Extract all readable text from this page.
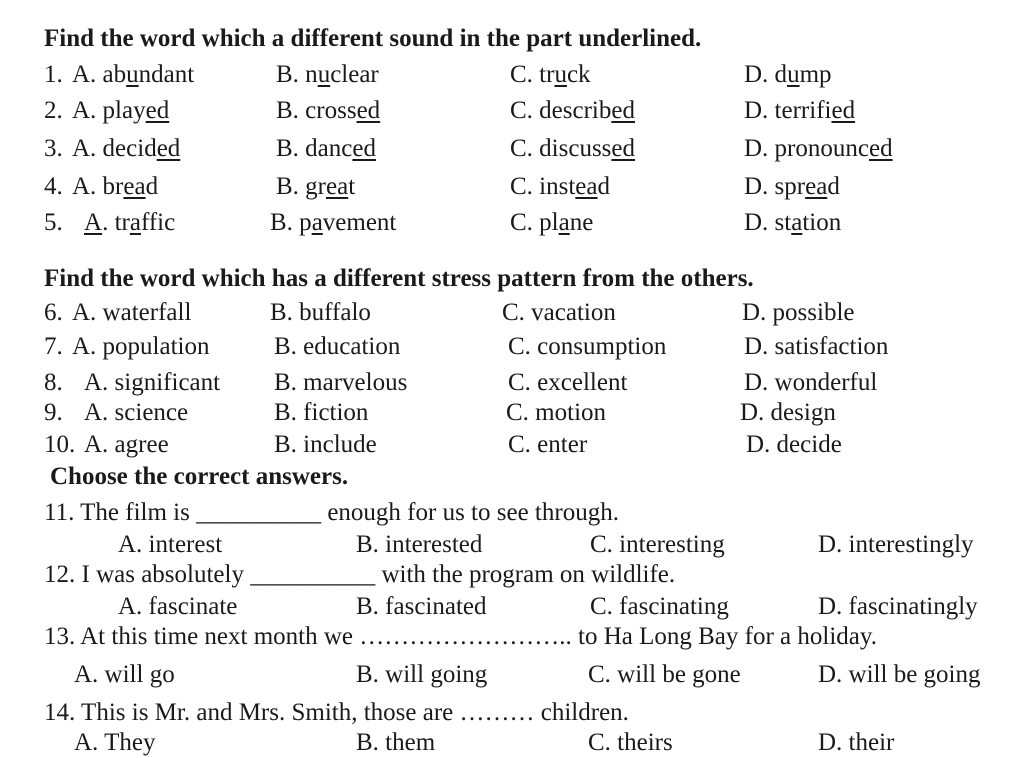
Find the word which a different sound in the part underlined.
1. A. abundant	B. nuclear	C. truck	D. dump
2. A. played	B. crossed	C. described	D. terrified
3. A. decided	B. danced	C. discussed	D. pronounced
4. A. bread	B. great	C. instead	D. spread
5. A. traffic	B. pavement	C. plane	D. station
Find the word which has a different stress pattern from the others.
6. A. waterfall	B. buffalo	C. vacation	D. possible
7. A. population	B. education	C. consumption	D. satisfaction
8. A. significant B. marvelous	C. excellent	D. wonderful
9. A. science	B. fiction	C. motion	D. design
10. A. agree	B. include	C. enter	D. decide
Choose the correct answers.
11. The film is __________ enough for us to see through.
A. interest	B. interested	C. interesting	D. interestingly
12. I was absolutely __________ with the program on wildlife.
A. fascinate	B. fascinated	C. fascinating	D. fascinatingly
13. At this time next month we …………………….. to Ha Long Bay for a holiday.
A. will go	B. will going	C. will be gone	D. will be going
14. This is Mr. and Mrs. Smith, those are ……… children.
A. They	B. them	C. theirs	D. their
